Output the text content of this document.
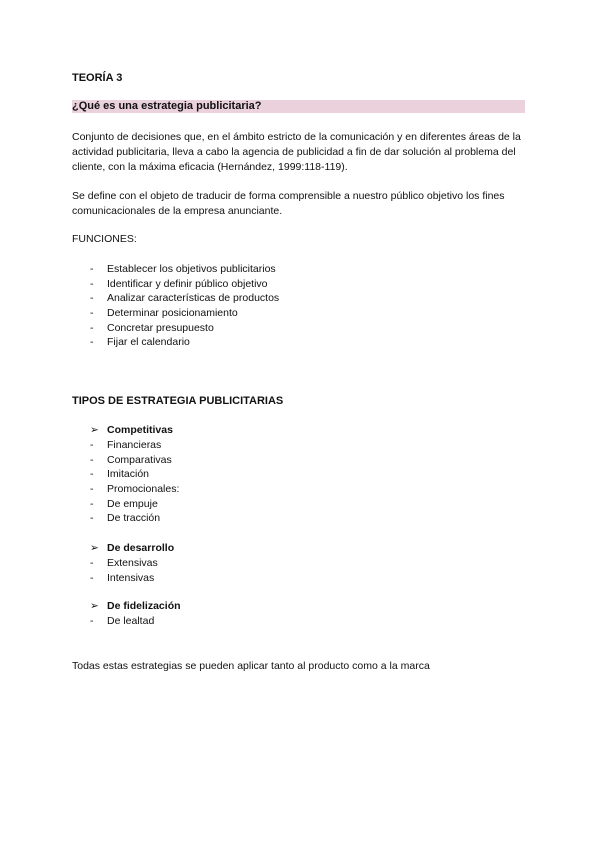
TEORÍA 3

¿Qué es una estrategia publicitaria?

Conjunto de decisiones que, en el ámbito estricto de la comunicación y en diferentes áreas de la actividad publicitaria, lleva a cabo la agencia de publicidad a fin de dar solución al problema del cliente, con la máxima eficacia (Hernández, 1999:118-119).

Se define con el objeto de traducir de forma comprensible a nuestro público objetivo los fines comunicacionales de la empresa anunciante.

FUNCIONES:

- Establecer los objetivos publicitarios
- Identificar y definir público objetivo
- Analizar características de productos
- Determinar posicionamiento
- Concretar presupuesto
- Fijar el calendario

TIPOS DE ESTRATEGIA PUBLICITARIAS

➢ Competitivas
- Financieras
- Comparativas
- Imitación
- Promocionales:
- De empuje
- De tracción
➢ De desarrollo
- Extensivas
- Intensivas
➢ De fidelización
- De lealtad

Todas estas estrategias se pueden aplicar tanto al producto como a la marca
